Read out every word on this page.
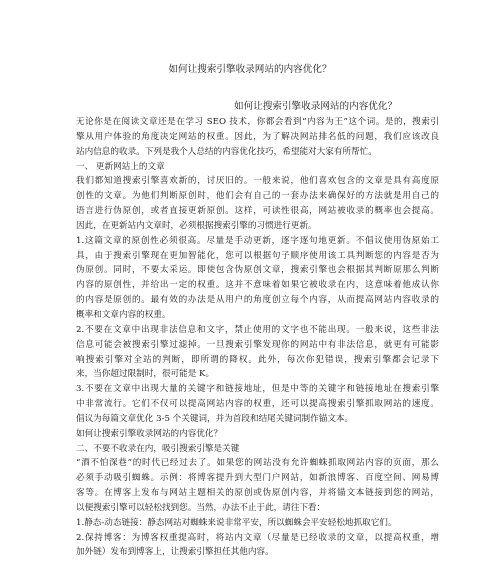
如何让搜索引擎收录网站的内容优化？
如何让搜索引擎收录网站的内容优化？
无论你是在阅读文章还是在学习 SEO 技术，你都会看到“内容为王”这个词。是的，搜索引
擎从用户体验的角度决定网站的权重。因此，为了解决网站排名低的问题，我们应该改良
站内信息的收录。下列是我个人总结的内容优化技巧，希望能对大家有所帮忙。
一、 更新网站上的文章
我们都知道搜索引擎喜欢新的，讨厌旧的。一般来说，他们喜欢包含的文章是具有高度原
创性的文章。为他们判断原创时，他们会有自己的一套办法来确保好的方法就是用自己的
语言进行伪原创，或者直接更新原创。这样，可读性很高，网站被收录的概率也会提高。
因此，在更新站内文章时，必须根据搜索引擎的习惯进行更新。
1.这篇文章的原创性必须很高。尽量是手动更新，逐字逐句地更新。不倡议使用伪原始工
具，由于搜索引擎现在更加智能化，您可以根据句子顺序使用该工具判断您的内容是否为
伪原创。同时，不要太采运。即使包含伪原创文章，搜索引擎也会根据其判断原那么判断
内容的原创性，并给出一定的权重。这并不意味着如果它被收录在内，这意味着他成认你
的内容是原创的。最有效的办法是从用户的角度创立每个内容，从而提高网站内容收录的
概率和文章内容的权重。
2.不要在文章中出现非法信息和文字，禁止使用的文字也不能出现。一般来说，这些非法
信息可能会被搜索引擎过滤掉。一旦搜索引擎发现你的网站中有非法信息，就更有可能影
响搜索引擎对全站的判断，即所谓的降权。此外，每次你犯错误，搜索引擎都会记录下
来，当你超过限制时，很可能是 K。
3.不要在文章中出现大量的关键字和链接地址，但是中等的关键字和链接地址在搜索引擎
中非常流行。它们不仅可以提高网站内容的权重，还可以提高搜索引擎抓取网站的速度。
倡议为每篇文章优化 3-5 个关键词，并为首段和结尾关键词制作锚文本。
如何让搜索引擎收录网站的内容优化？
二、不要不收录在内，吸引搜索引擎是关键
“酒不怕深巷”的时代已经过去了。如果您的网站没有允许蜘蛛抓取网站内容的页面，那么
必须手动吸引蜘蛛。示例：将博客提升到大型门户网站，如新浪博客、百度空间、网易博
客等。在博客上发布与网站主题相关的原创或伪原创内容，并将锚文本链接到您的网站，
以便搜索引擎可以轻松找到您。当然，办法不止于此，请往下看：
1.静态-动态链接：静态网站对蜘蛛来说非常平安，所以蜘蛛会平安轻松地抓取它们。
2.保持博客：为博客权重提高时，将站内文章（尽量是已经收录的文章，以提高权重，增
加外链）发布到博客上，让搜索引擎担任其他内容。
